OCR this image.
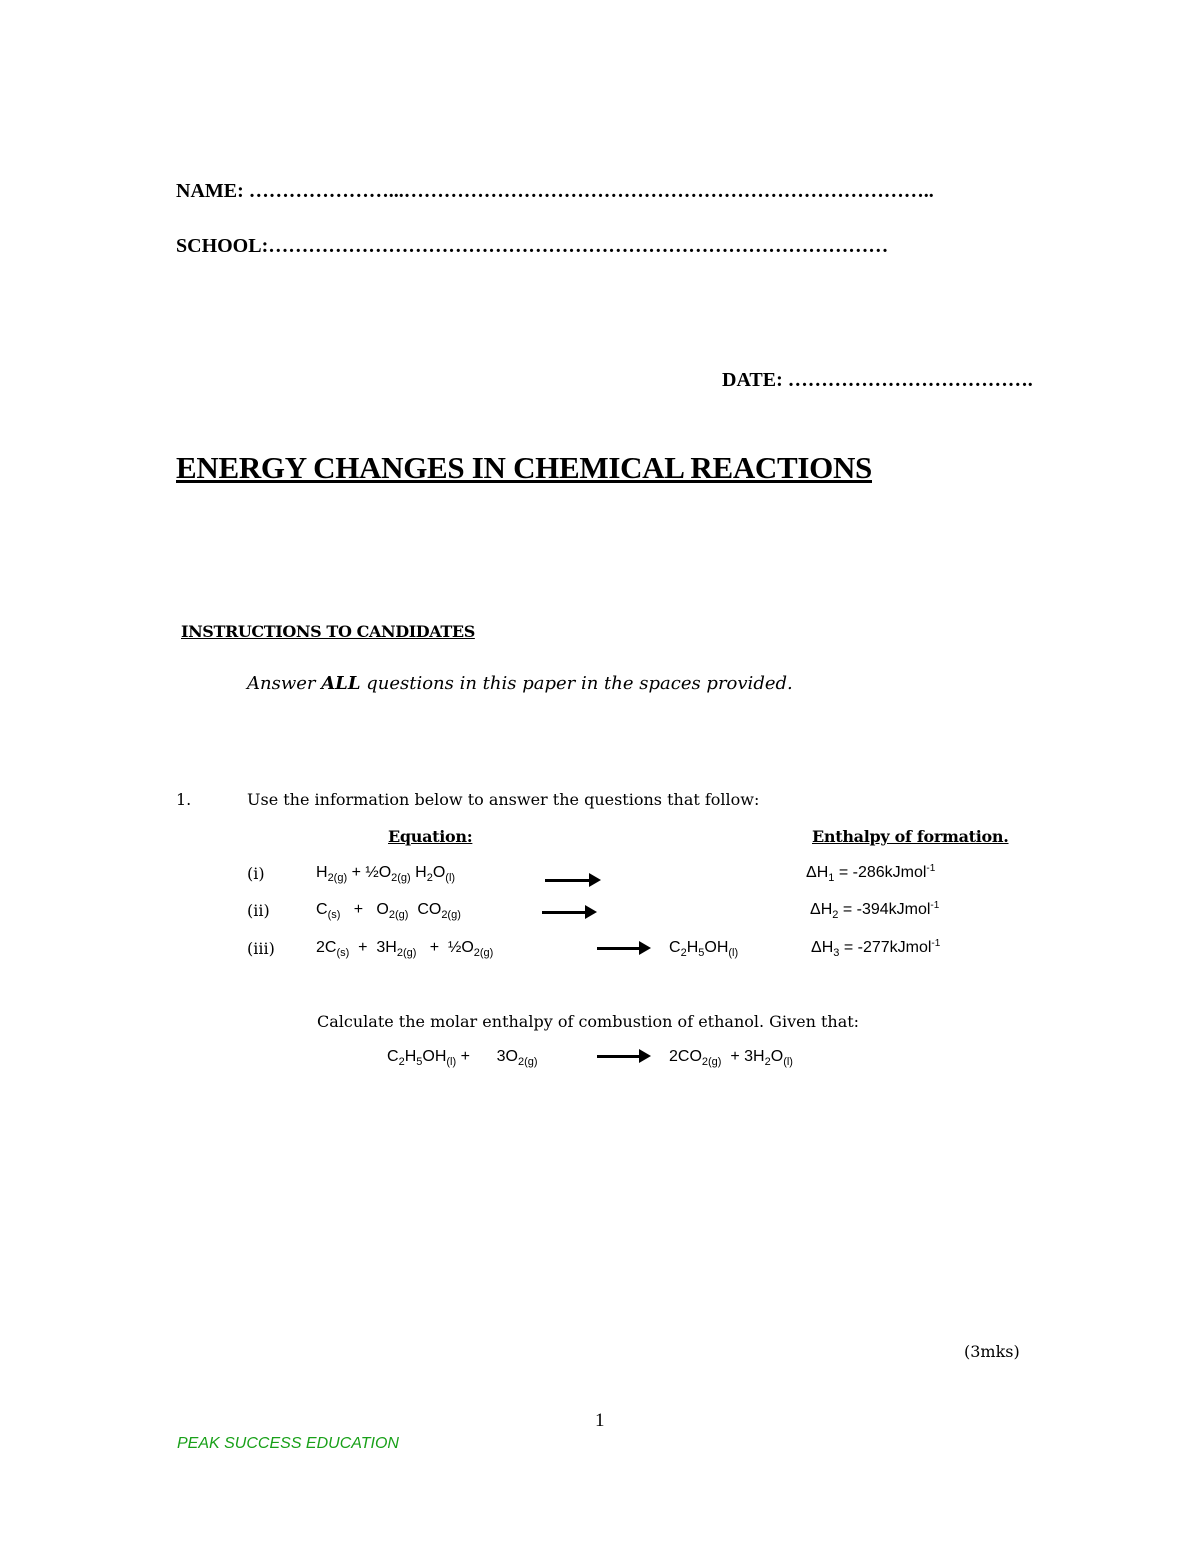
NAME: …………………...……………………………………………………………………..
SCHOOL:…………………………………………………………………………………
DATE: ……………………………….
ENERGY CHANGES IN CHEMICAL REACTIONS
INSTRUCTIONS TO CANDIDATES
Answer ALL questions in this paper in the spaces provided.
1.	Use the information below to answer the questions that follow:
Equation:	Enthalpy of formation.
(i)	$H_{2(g)}$ + $\frac{1}{2}O_{2(g)}$ $H_2O_{(l)}$	$\Delta H_1$ = -286kJmol$^{-1}$
(ii)	$C_{(s)} + O_{2(g)}$  $CO_{2(g)}$	$\Delta H_2$ = -394kJmol$^{-1}$
(iii)	$2C_{(s)} + 3H_{2(g)}$   +  $\frac{1}{2}O_{2(g)}$	$C_2H_5OH_{(l)}$	$\Delta H_3$ = -277kJmol$^{-1}$
Calculate the molar enthalpy of combustion of ethanol. Given that:
$C_2H_5OH_{(l)}$ +      $3O_{2(g)}$	$2CO_{2(g)} + 3H_2O_{(l)}$
(3mks)
1
PEAK SUCCESS EDUCATION
